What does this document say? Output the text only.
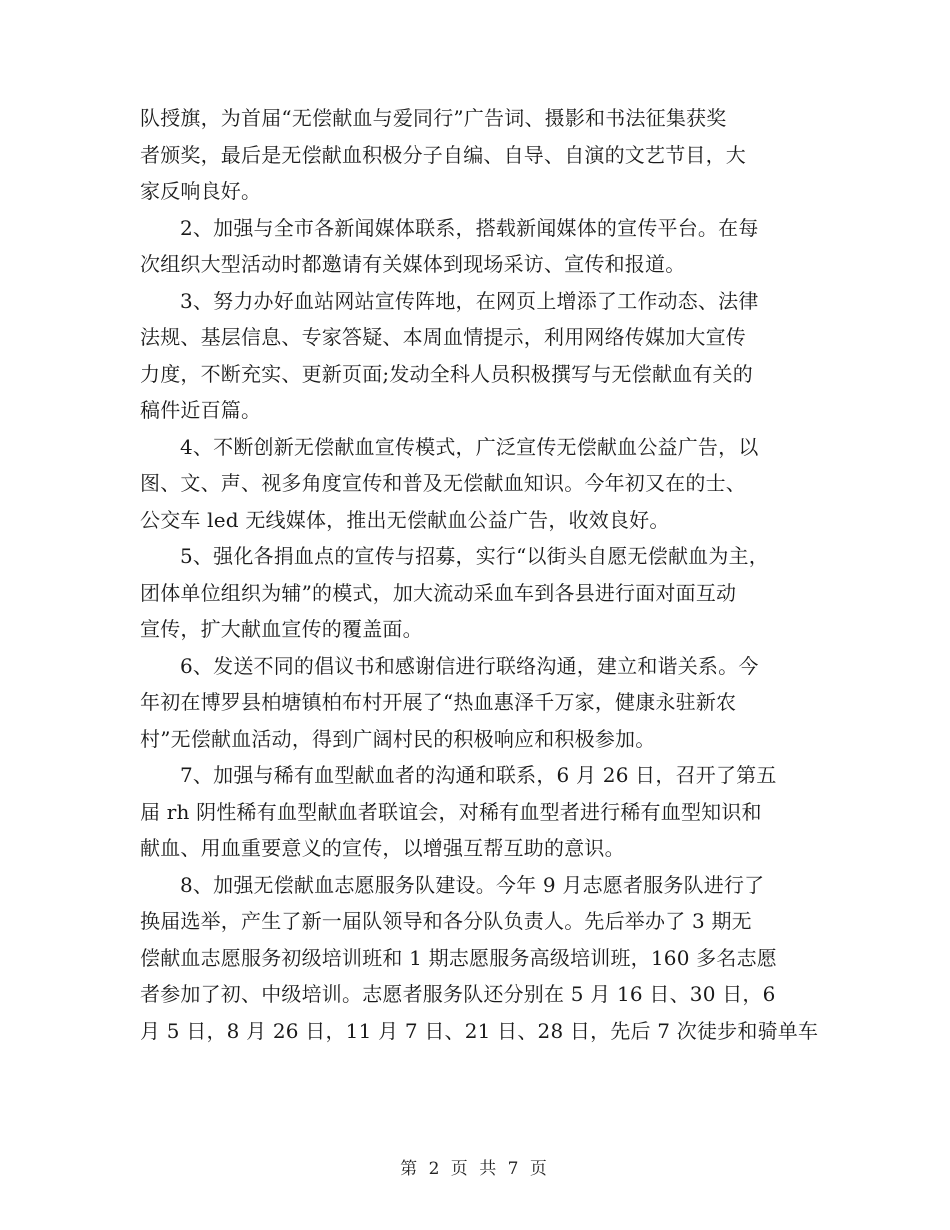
队授旗，为首届“无偿献血与爱同行”广告词、摄影和书法征集获奖
者颁奖，最后是无偿献血积极分子自编、自导、自演的文艺节目，大
家反响良好。
2、加强与全市各新闻媒体联系，搭载新闻媒体的宣传平台。在每
次组织大型活动时都邀请有关媒体到现场采访、宣传和报道。
3、努力办好血站网站宣传阵地，在网页上增添了工作动态、法律
法规、基层信息、专家答疑、本周血情提示，利用网络传媒加大宣传
力度，不断充实、更新页面;发动全科人员积极撰写与无偿献血有关的
稿件近百篇。
4、不断创新无偿献血宣传模式，广泛宣传无偿献血公益广告，以
图、文、声、视多角度宣传和普及无偿献血知识。今年初又在的士、
公交车 led 无线媒体，推出无偿献血公益广告，收效良好。
5、强化各捐血点的宣传与招募，实行“以街头自愿无偿献血为主，
团体单位组织为辅”的模式，加大流动采血车到各县进行面对面互动
宣传，扩大献血宣传的覆盖面。
6、发送不同的倡议书和感谢信进行联络沟通，建立和谐关系。今
年初在博罗县柏塘镇柏布村开展了“热血惠泽千万家，健康永驻新农
村”无偿献血活动，得到广阔村民的积极响应和积极参加。
7、加强与稀有血型献血者的沟通和联系，6 月 26 日，召开了第五
届 rh 阴性稀有血型献血者联谊会，对稀有血型者进行稀有血型知识和
献血、用血重要意义的宣传，以增强互帮互助的意识。
8、加强无偿献血志愿服务队建设。今年 9 月志愿者服务队进行了
换届选举，产生了新一届队领导和各分队负责人。先后举办了 3 期无
偿献血志愿服务初级培训班和 1 期志愿服务高级培训班，160 多名志愿
者参加了初、中级培训。志愿者服务队还分别在 5 月 16 日、30 日，6
月 5 日，8 月 26 日，11 月 7 日、21 日、28 日，先后 7 次徒步和骑单车
第 2 页 共 7 页
